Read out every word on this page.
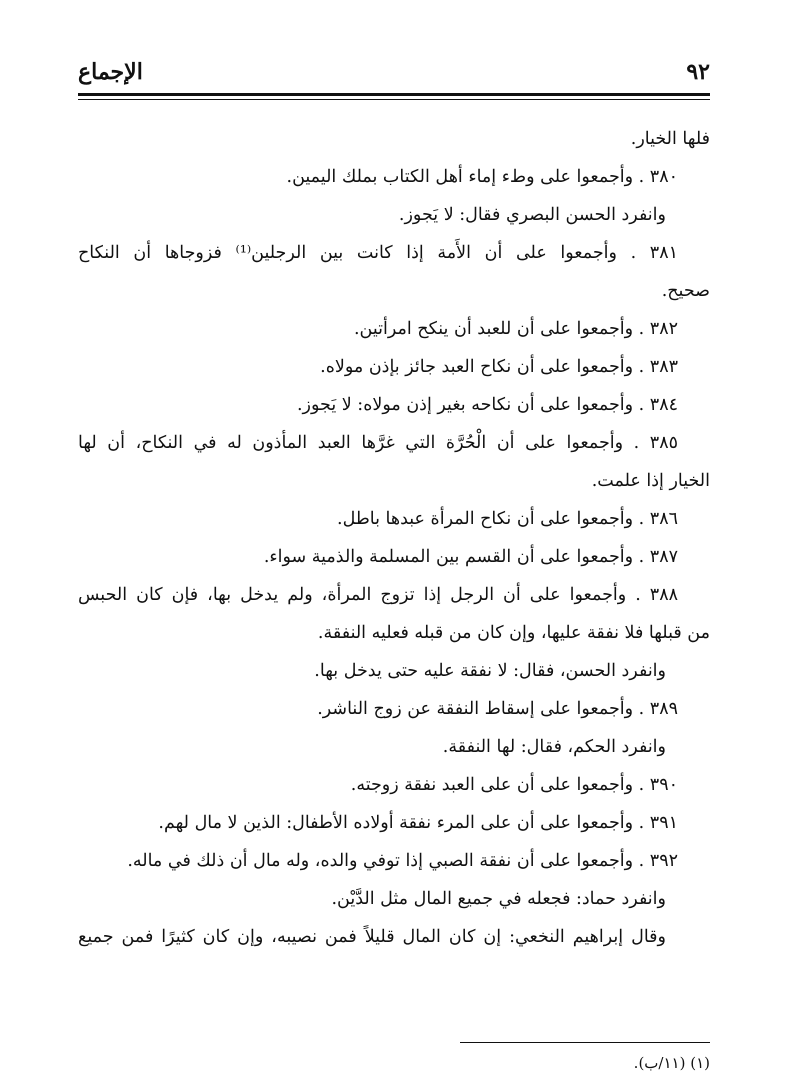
٩٢
الإجماع
فلها الخيار.
٣٨٠ . وأجمعوا على وطء إماء أهل الكتاب بملك اليمين.
وانفرد الحسن البصري فقال: لا يَجوز.
٣٨١ . وأجمعوا على أن الأَمة إذا كانت بين الرجلين⁽¹⁾ فزوجاها أن النكاح
صحيح.
٣٨٢ . وأجمعوا على أن للعبد أن ينكح امرأتين.
٣٨٣ . وأجمعوا على أن نكاح العبد جائز بإذن مولاه.
٣٨٤ . وأجمعوا على أن نكاحه بغير إذن مولاه: لا يَجوز.
٣٨٥ . وأجمعوا على أن الْحُرَّة التي غرَّها العبد المأذون له في النكاح، أن لها
الخيار إذا علمت.
٣٨٦ . وأجمعوا على أن نكاح المرأة عبدها باطل.
٣٨٧ . وأجمعوا على أن القسم بين المسلمة والذمية سواء.
٣٨٨ . وأجمعوا على أن الرجل إذا تزوج المرأة، ولم يدخل بها، فإن كان الحبس
من قبلها فلا نفقة عليها، وإن كان من قبله فعليه النفقة.
وانفرد الحسن، فقال: لا نفقة عليه حتى يدخل بها.
٣٨٩ . وأجمعوا على إسقاط النفقة عن زوج الناشر.
وانفرد الحكم، فقال: لها النفقة.
٣٩٠ . وأجمعوا على أن على العبد نفقة زوجته.
٣٩١ . وأجمعوا على أن على المرء نفقة أولاده الأطفال: الذين لا مال لهم.
٣٩٢ . وأجمعوا على أن نفقة الصبي إذا توفي والده، وله مال أن ذلك في ماله.
وانفرد حماد: فجعله في جميع المال مثل الدَّيْن.
وقال إبراهيم النخعي: إن كان المال قليلاً فمن نصيبه، وإن كان كثيرًا فمن جميع
(١) (١١/ب).
